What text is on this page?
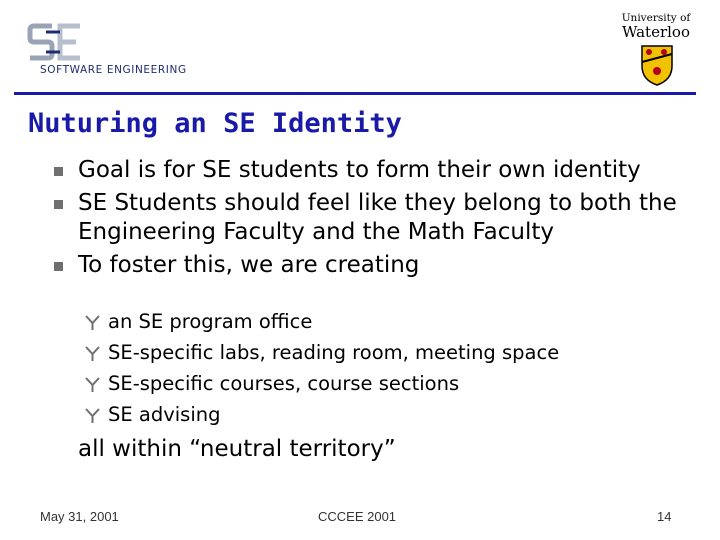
SOFTWARE ENGINEERING
University of
Waterloo
Nuturing an SE Identity
Goal is for SE students to form their own identity
SE Students should feel like they belong to both the Engineering Faculty and the Math Faculty
To foster this, we are creating
an SE program office
SE-specific labs, reading room, meeting space
SE-specific courses, course sections
SE advising
all within “neutral territory”
May 31, 2001	CCCEE 2001	14
